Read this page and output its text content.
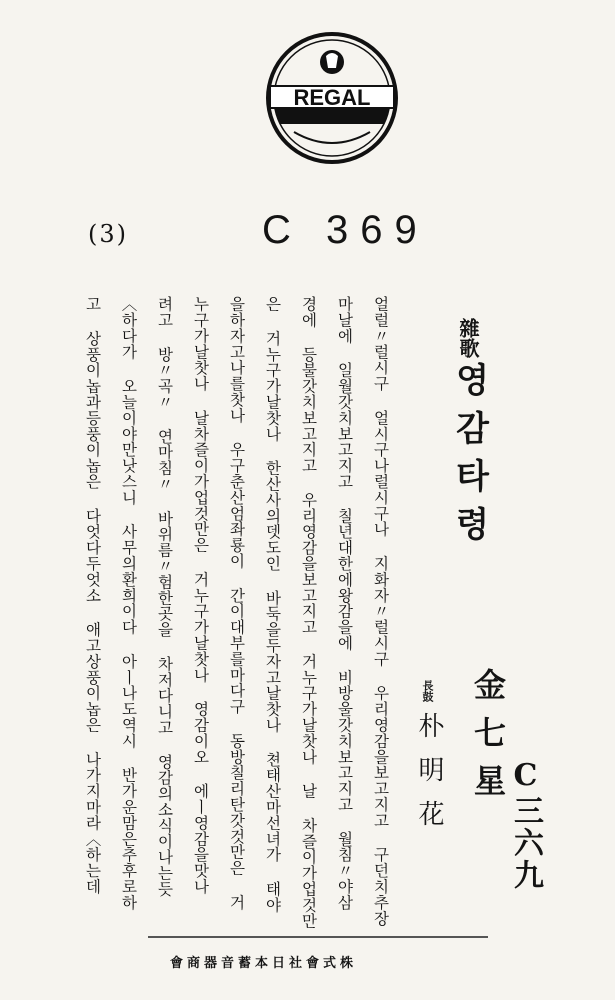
REGAL
(3)	C 369
C三六九
雜歌
영감타령
金七星
長鼓
朴明花
얼럴〃럴시구 얼시구나럴시구나 지화자〃럴시구 우리영감을보고지고 구던치추장
마날에 일월갓치보고지고 칠년대한에왕감을에 비방울갓치보고지고 월침〃야삼
경에 등불갓치보고지고 우리영감을보고지고 거누구가날찻나 날 차즐이가업것만
은 거누구가날찻나 한산사의뎃도인 바둑을두자고날찻나 쳔태산마선녀가 태야
을하자고나를찻나 우구춘산엄좌룡이 간이대부를마다구 동방칠리탄갓것만은 거
누구가날찻나 날차즐이가업것만은 거누구가날찻나 영감이오 에ㅣ영감을맛나
려고 방〃곡〃 연마침〃 바위름〃험한곳을 차저다니고 영감의소식이나는듯
〈하다가 오늘이야만낫스니 사무의환희이다 아ㅣ나도역시 반가운맘은추후로하
고 상풍이놉과등풍이놉은 다엇다두엇소 애고상풍이놉은 나가지마라〈하는데
會商器音蓄本日社會式株
